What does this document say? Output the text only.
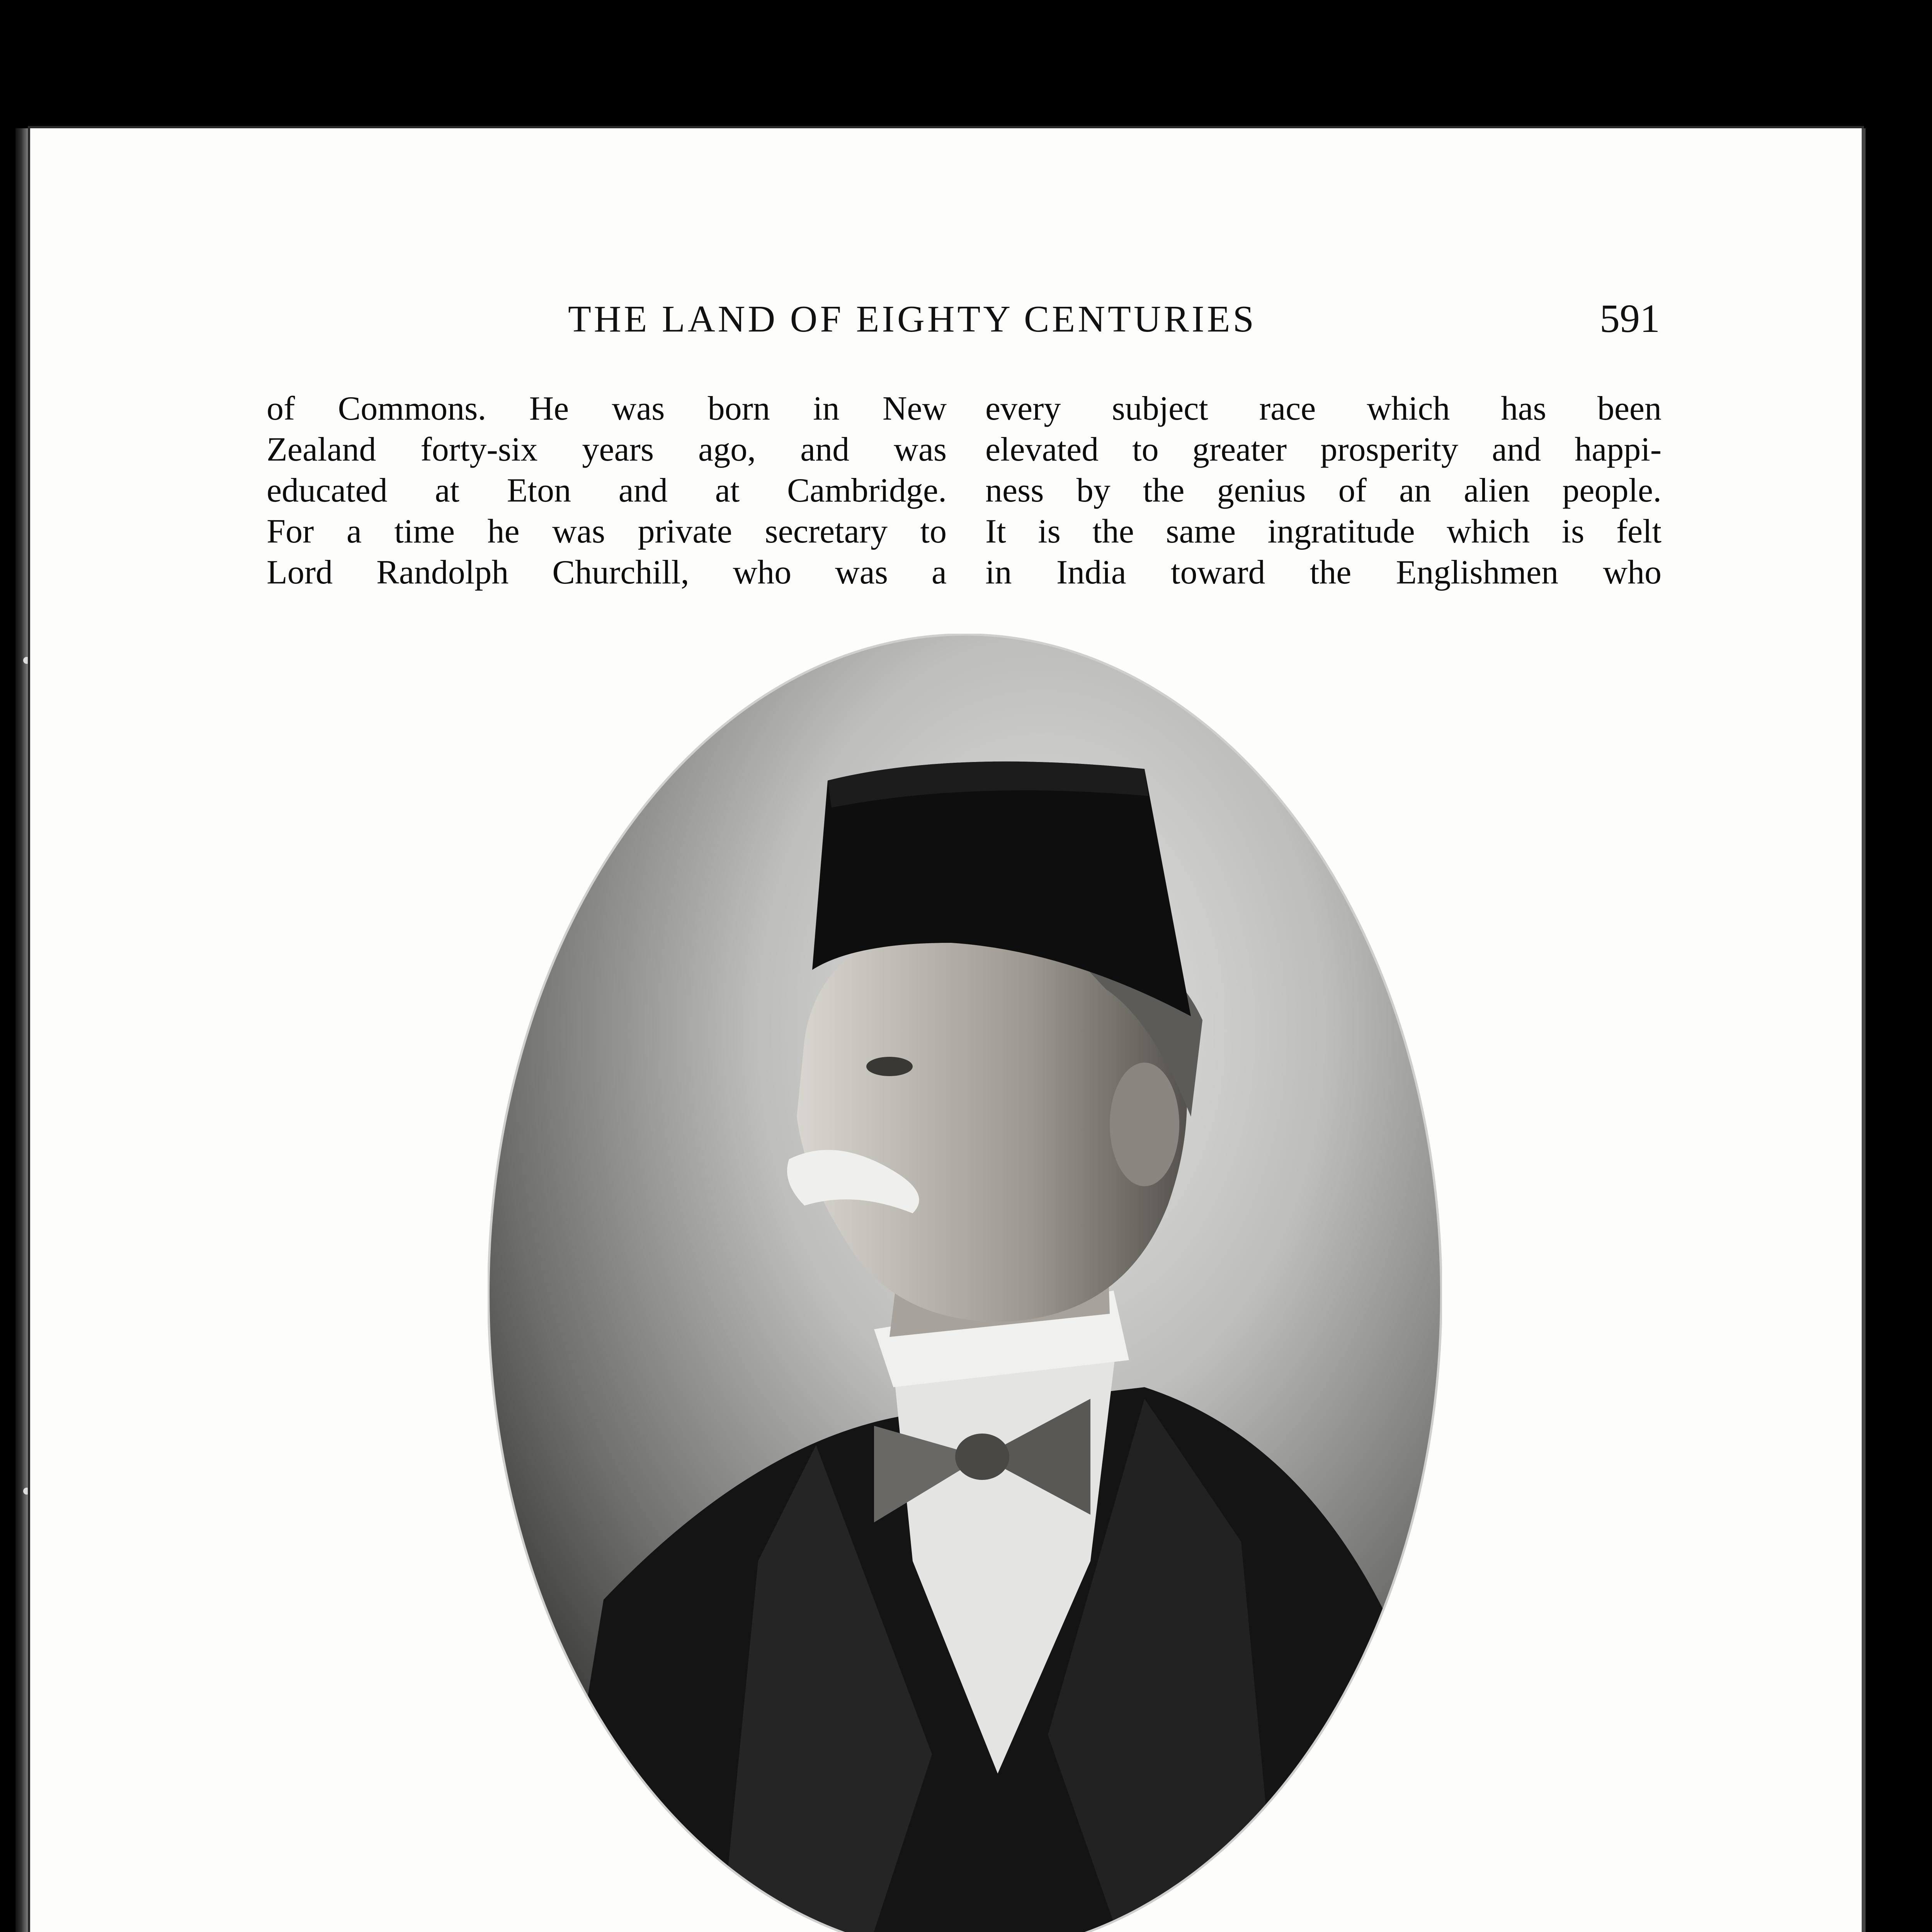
THE LAND OF EIGHTY CENTURIES	591
of Commons. He was born in New
Zealand forty-six years ago, and was
educated at Eton and at Cambridge.
For a time he was private secretary to
Lord Randolph Churchill, who was a
every subject race which has been
elevated to greater prosperity and happi-
ness by the genius of an alien people.
It is the same ingratitude which is felt
in India toward the Englishmen who
